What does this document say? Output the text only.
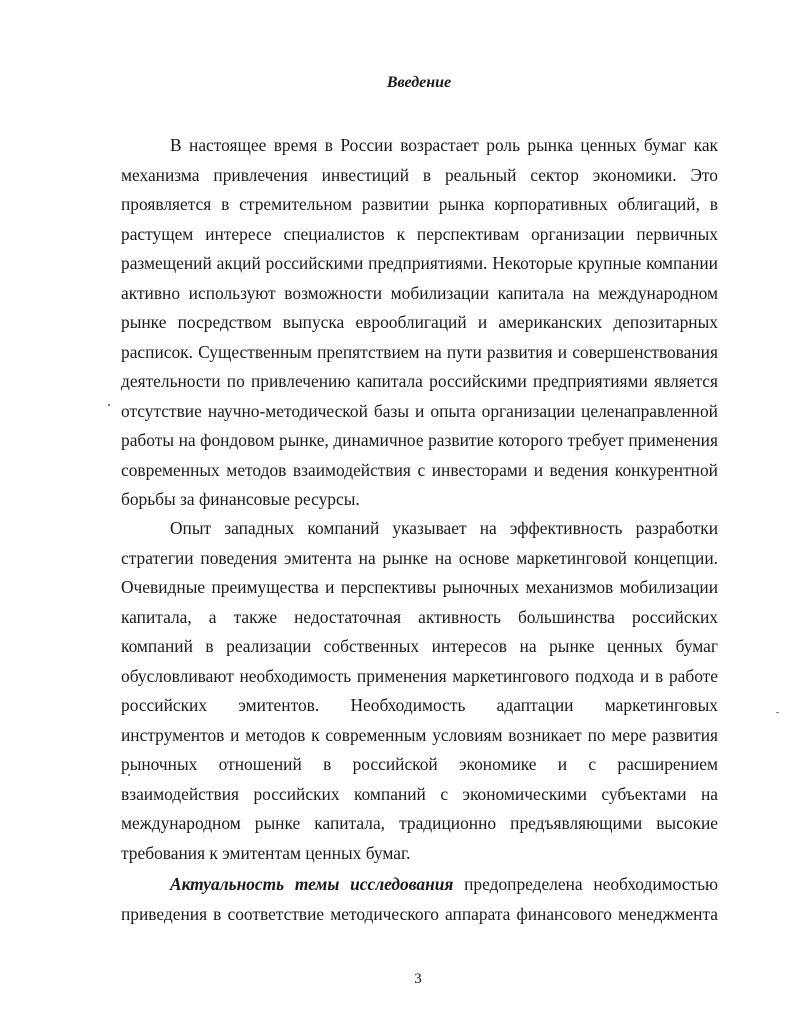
Введение
В настоящее время в России возрастает роль рынка ценных бумаг как
механизма привлечения инвестиций в реальный сектор экономики. Это
проявляется в стремительном развитии рынка корпоративных облигаций, в
растущем интересе специалистов к перспективам организации первичных
размещений акций российскими предприятиями. Некоторые крупные компании
активно используют возможности мобилизации капитала на международном
рынке посредством выпуска еврооблигаций и американских депозитарных
расписок. Существенным препятствием на пути развития и совершенствования
деятельности по привлечению капитала российскими предприятиями является
отсутствие научно-методической базы и опыта организации целенаправленной
работы на фондовом рынке, динамичное развитие которого требует применения
современных методов взаимодействия с инвесторами и ведения конкурентной
борьбы за финансовые ресурсы.
Опыт западных компаний указывает на эффективность разработки
стратегии поведения эмитента на рынке на основе маркетинговой концепции.
Очевидные преимущества и перспективы рыночных механизмов мобилизации
капитала, а также недостаточная активность большинства российских
компаний в реализации собственных интересов на рынке ценных бумаг
обусловливают необходимость применения маркетингового подхода и в работе
российских эмитентов. Необходимость адаптации маркетинговых
инструментов и методов к современным условиям возникает по мере развития
рыночных отношений в российской экономике и с расширением
взаимодействия российских компаний с экономическими субъектами на
международном рынке капитала, традиционно предъявляющими высокие
требования к эмитентам ценных бумаг.
Актуальность темы исследования предопределена необходимостью
приведения в соответствие методического аппарата финансового менеджмента
3
